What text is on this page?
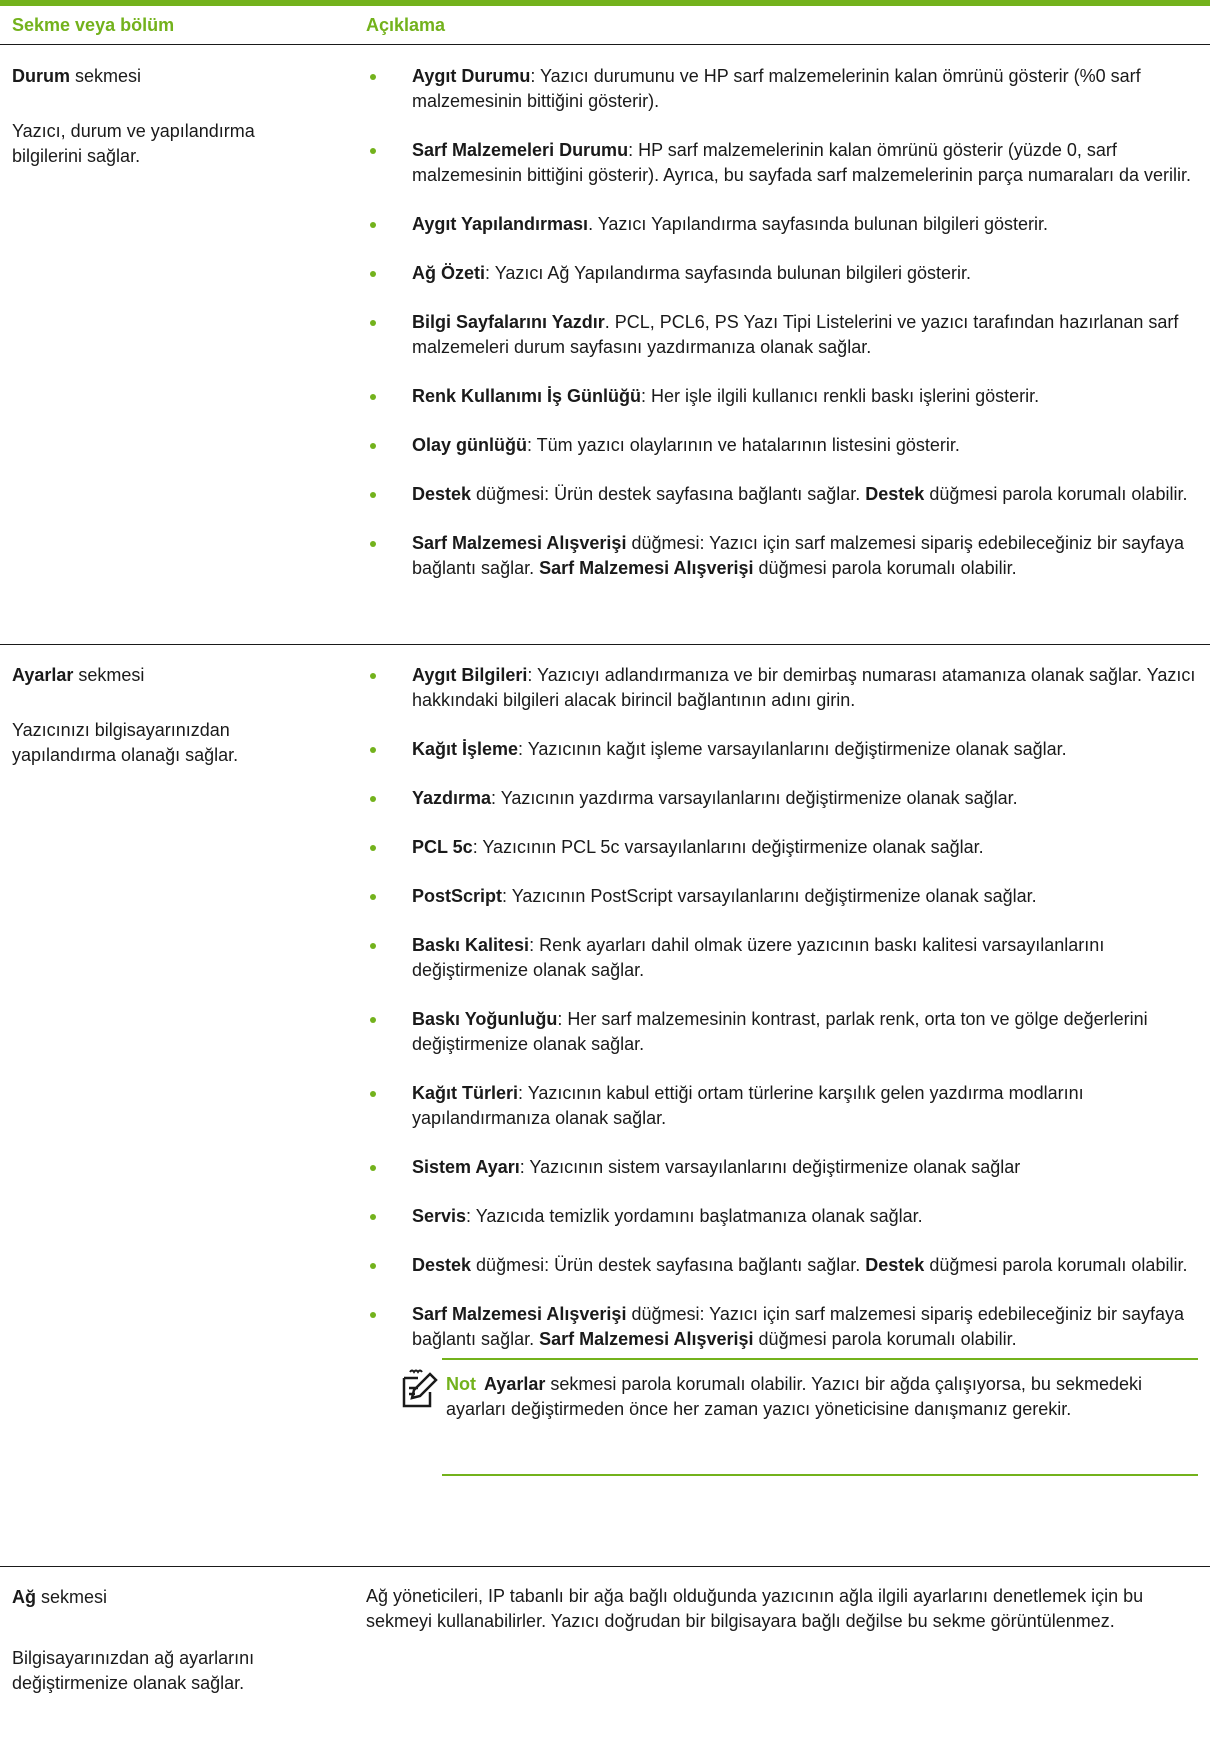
Sekme veya bölüm	Açıklama

Durum sekmesi

Yazıcı, durum ve yapılandırma bilgilerini sağlar.

Aygıt Durumu: Yazıcı durumunu ve HP sarf malzemelerinin kalan ömrünü gösterir (%0 sarf malzemesinin bittiğini gösterir).
Sarf Malzemeleri Durumu: HP sarf malzemelerinin kalan ömrünü gösterir (yüzde 0, sarf malzemesinin bittiğini gösterir). Ayrıca, bu sayfada sarf malzemelerinin parça numaraları da verilir.
Aygıt Yapılandırması. Yazıcı Yapılandırma sayfasında bulunan bilgileri gösterir.
Ağ Özeti: Yazıcı Ağ Yapılandırma sayfasında bulunan bilgileri gösterir.
Bilgi Sayfalarını Yazdır. PCL, PCL6, PS Yazı Tipi Listelerini ve yazıcı tarafından hazırlanan sarf malzemeleri durum sayfasını yazdırmanıza olanak sağlar.
Renk Kullanımı İş Günlüğü: Her işle ilgili kullanıcı renkli baskı işlerini gösterir.
Olay günlüğü: Tüm yazıcı olaylarının ve hatalarının listesini gösterir.
Destek düğmesi: Ürün destek sayfasına bağlantı sağlar. Destek düğmesi parola korumalı olabilir.
Sarf Malzemesi Alışverişi düğmesi: Yazıcı için sarf malzemesi sipariş edebileceğiniz bir sayfaya bağlantı sağlar. Sarf Malzemesi Alışverişi düğmesi parola korumalı olabilir.

Ayarlar sekmesi

Yazıcınızı bilgisayarınızdan yapılandırma olanağı sağlar.

Aygıt Bilgileri: Yazıcıyı adlandırmanıza ve bir demirbaş numarası atamanıza olanak sağlar. Yazıcı hakkındaki bilgileri alacak birincil bağlantının adını girin.
Kağıt İşleme: Yazıcının kağıt işleme varsayılanlarını değiştirmenize olanak sağlar.
Yazdırma: Yazıcının yazdırma varsayılanlarını değiştirmenize olanak sağlar.
PCL 5c: Yazıcının PCL 5c varsayılanlarını değiştirmenize olanak sağlar.
PostScript: Yazıcının PostScript varsayılanlarını değiştirmenize olanak sağlar.
Baskı Kalitesi: Renk ayarları dahil olmak üzere yazıcının baskı kalitesi varsayılanlarını değiştirmenize olanak sağlar.
Baskı Yoğunluğu: Her sarf malzemesinin kontrast, parlak renk, orta ton ve gölge değerlerini değiştirmenize olanak sağlar.
Kağıt Türleri: Yazıcının kabul ettiği ortam türlerine karşılık gelen yazdırma modlarını yapılandırmanıza olanak sağlar.
Sistem Ayarı: Yazıcının sistem varsayılanlarını değiştirmenize olanak sağlar
Servis: Yazıcıda temizlik yordamını başlatmanıza olanak sağlar.
Destek düğmesi: Ürün destek sayfasına bağlantı sağlar. Destek düğmesi parola korumalı olabilir.
Sarf Malzemesi Alışverişi düğmesi: Yazıcı için sarf malzemesi sipariş edebileceğiniz bir sayfaya bağlantı sağlar. Sarf Malzemesi Alışverişi düğmesi parola korumalı olabilir.
Not Ayarlar sekmesi parola korumalı olabilir. Yazıcı bir ağda çalışıyorsa, bu sekmedeki ayarları değiştirmeden önce her zaman yazıcı yöneticisine danışmanız gerekir.

Ağ sekmesi

Bilgisayarınızdan ağ ayarlarını değiştirmenize olanak sağlar.

Ağ yöneticileri, IP tabanlı bir ağa bağlı olduğunda yazıcının ağla ilgili ayarlarını denetlemek için bu sekmeyi kullanabilirler. Yazıcı doğrudan bir bilgisayara bağlı değilse bu sekme görüntülenmez.
